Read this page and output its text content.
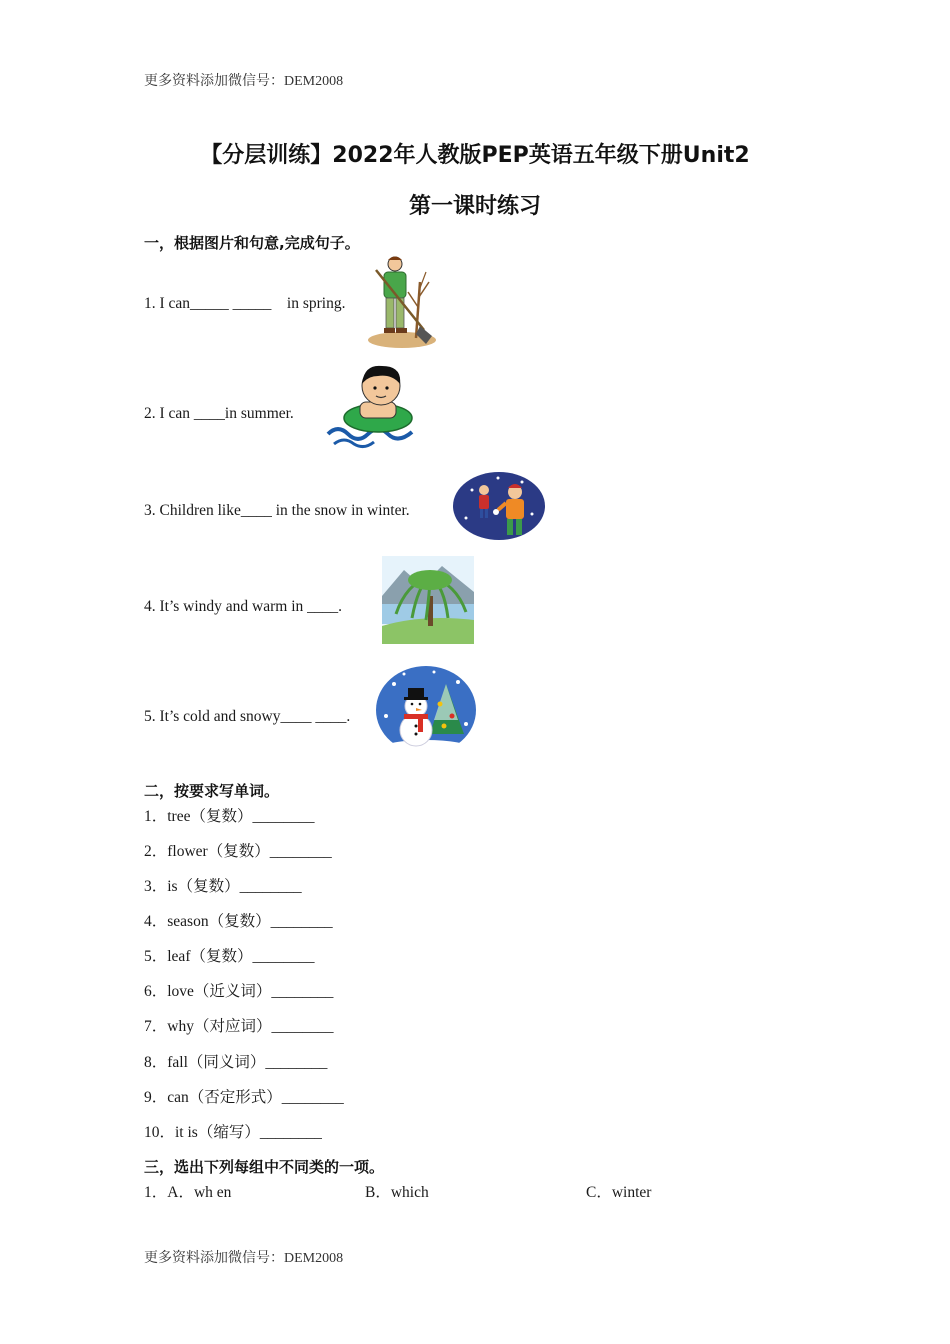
更多资料添加微信号：DEM2008
【分层训练】2022年人教版PEP英语五年级下册Unit2
第一课时练习
一，根据图片和句意,完成句子。
1. I can_____ _____    in spring.
2. I can ____in summer.
3. Children like____ in the snow in winter.
4. It’s windy and warm in ____.
5. It’s cold and snowy____ ____.
二，按要求写单词。
1．tree（复数）________
2．flower（复数）________
3．is（复数）________
4．season（复数）________
5．leaf（复数）________
6．love（近义词）________
7．why（对应词）________
8．fall（同义词）________
9．can（否定形式）________
10．it is（缩写）________
三，选出下列每组中不同类的一项。
1．A．wh en	B．which	C．winter
更多资料添加微信号：DEM2008
